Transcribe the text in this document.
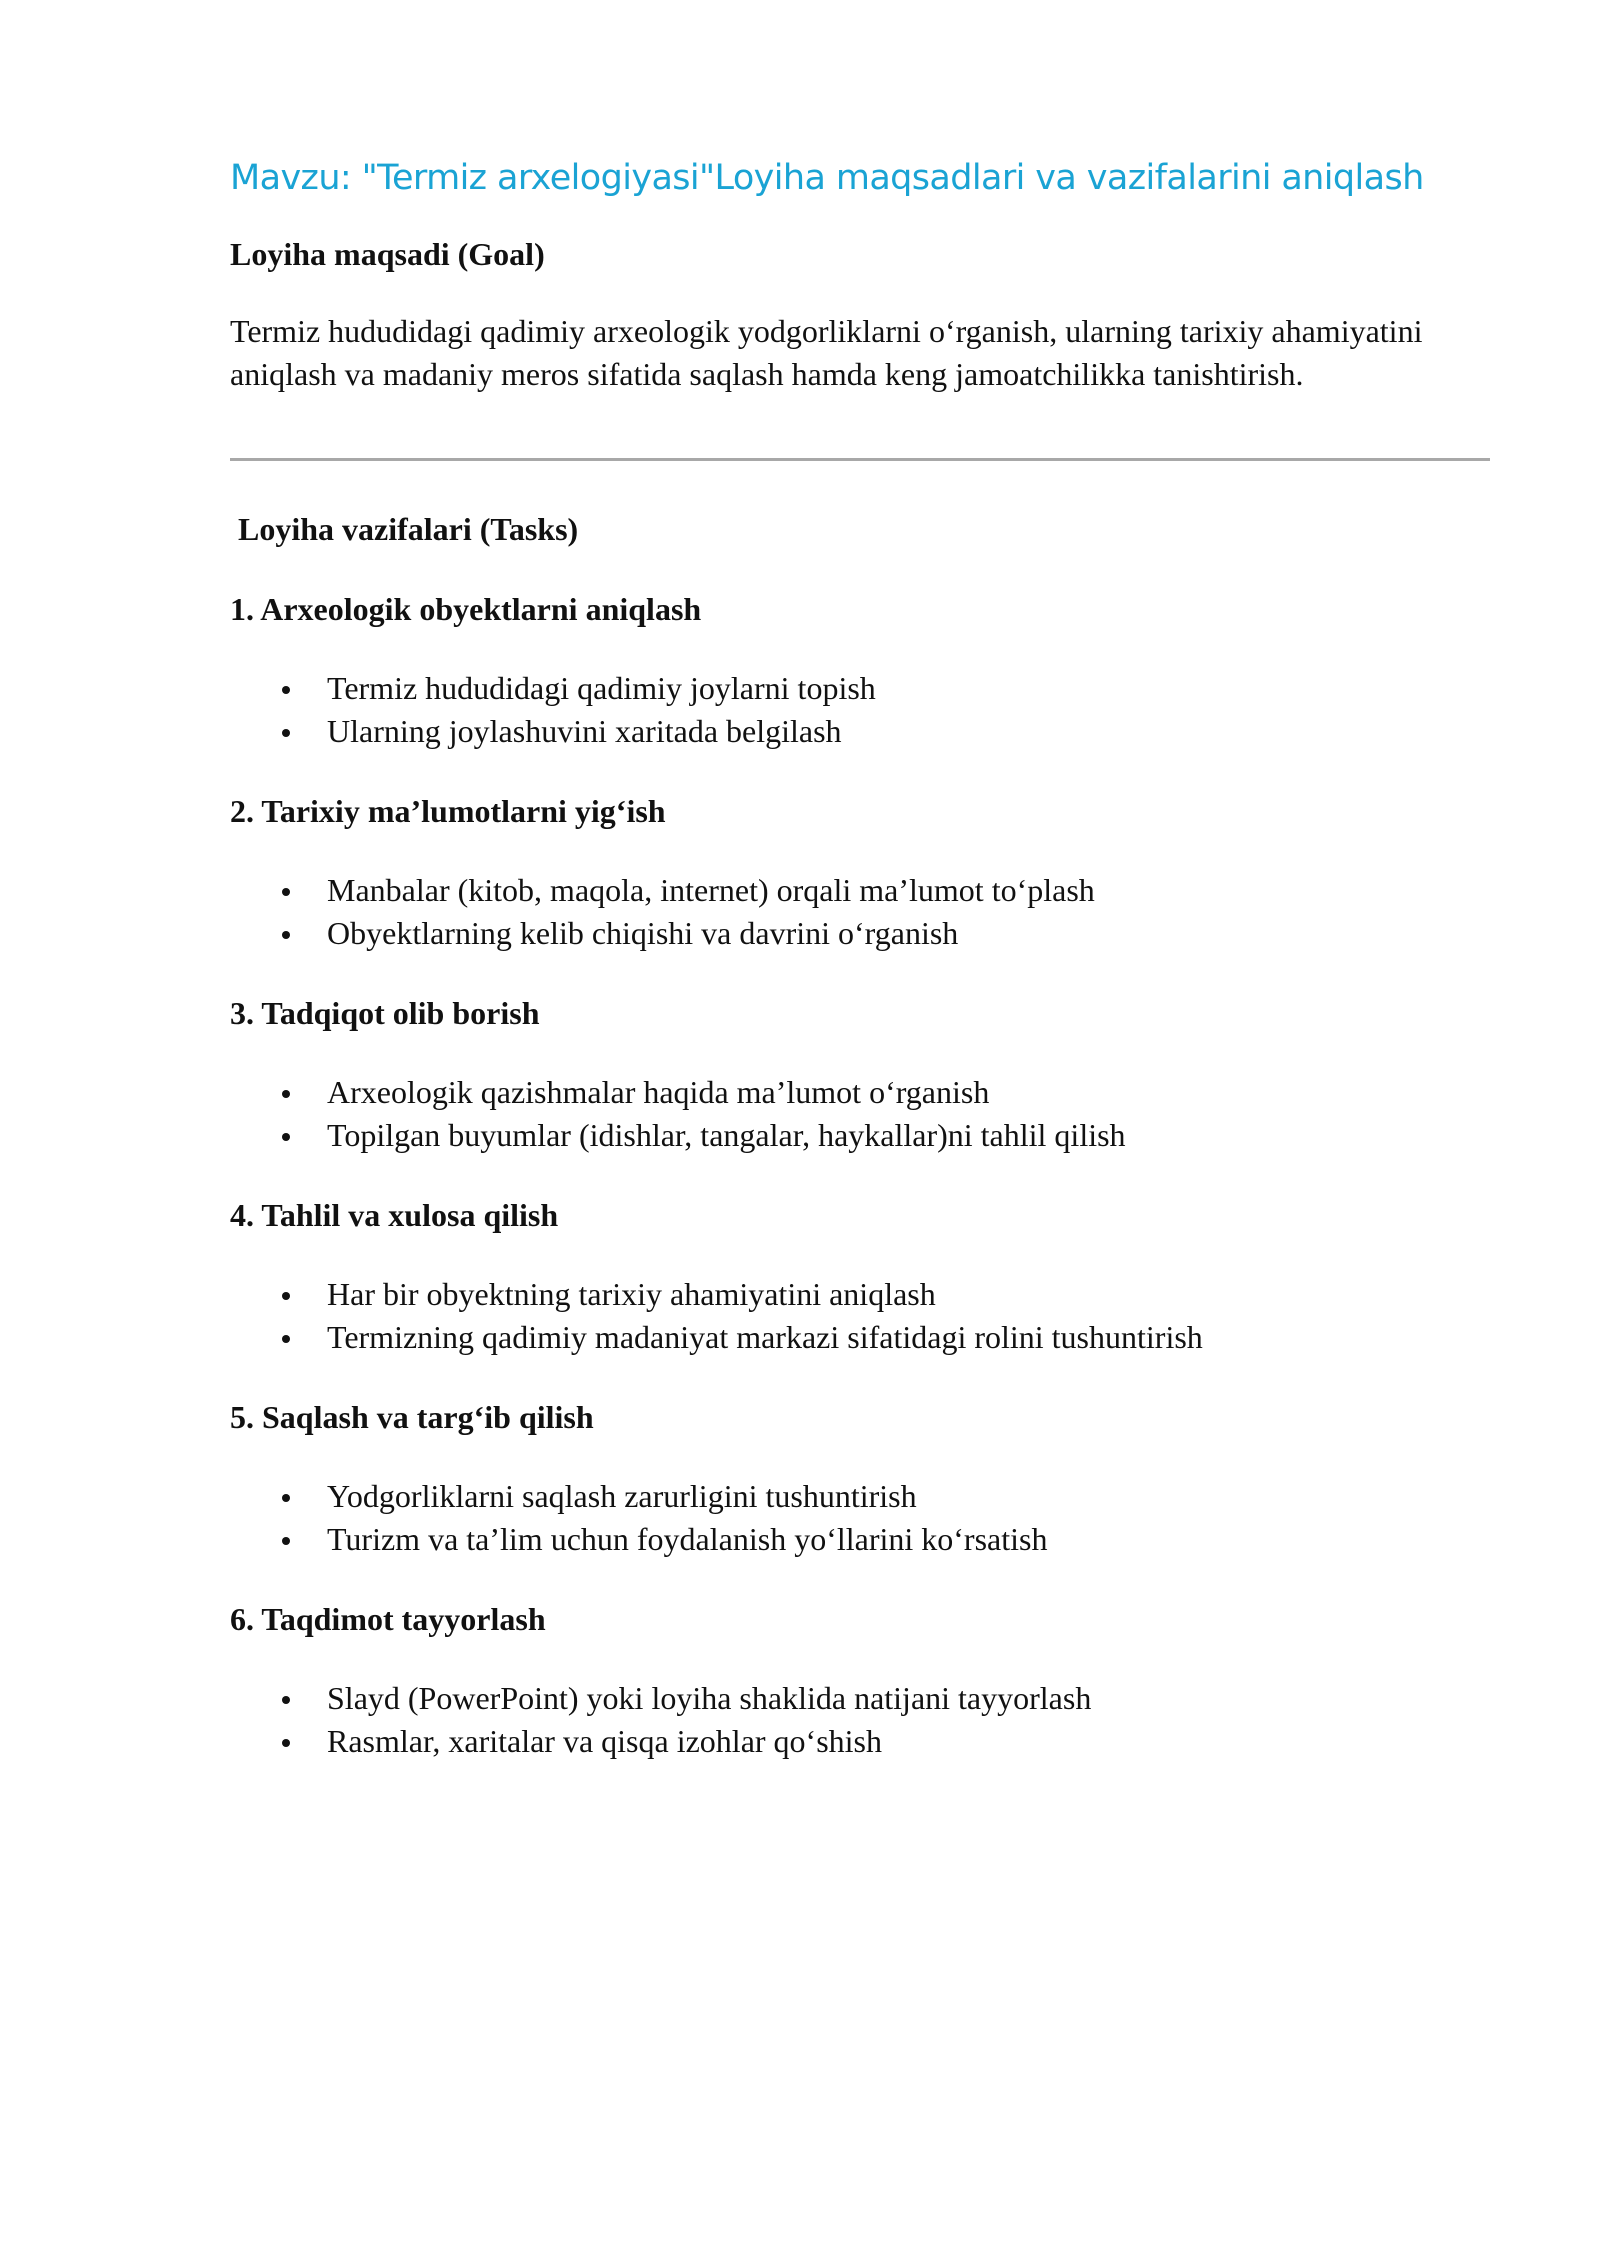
Mavzu: "Termiz arxelogiyasi"Loyiha maqsadlari va vazifalarini aniqlash
Loyiha maqsadi (Goal)

Termiz hududidagi qadimiy arxeologik yodgorliklarni o‘rganish, ularning tarixiy ahamiyatini aniqlash va madaniy meros sifatida saqlash hamda keng jamoatchilikka tanishtirish.

Loyiha vazifalari (Tasks)
1. Arxeologik obyektlarni aniqlash
Termiz hududidagi qadimiy joylarni topish
Ularning joylashuvini xaritada belgilash
2. Tarixiy ma’lumotlarni yig‘ish
Manbalar (kitob, maqola, internet) orqali ma’lumot to‘plash
Obyektlarning kelib chiqishi va davrini o‘rganish
3. Tadqiqot olib borish
Arxeologik qazishmalar haqida ma’lumot o‘rganish
Topilgan buyumlar (idishlar, tangalar, haykallar)ni tahlil qilish
4. Tahlil va xulosa qilish
Har bir obyektning tarixiy ahamiyatini aniqlash
Termizning qadimiy madaniyat markazi sifatidagi rolini tushuntirish
5. Saqlash va targ‘ib qilish
Yodgorliklarni saqlash zarurligini tushuntirish
Turizm va ta’lim uchun foydalanish yo‘llarini ko‘rsatish
6. Taqdimot tayyorlash
Slayd (PowerPoint) yoki loyiha shaklida natijani tayyorlash
Rasmlar, xaritalar va qisqa izohlar qo‘shish
